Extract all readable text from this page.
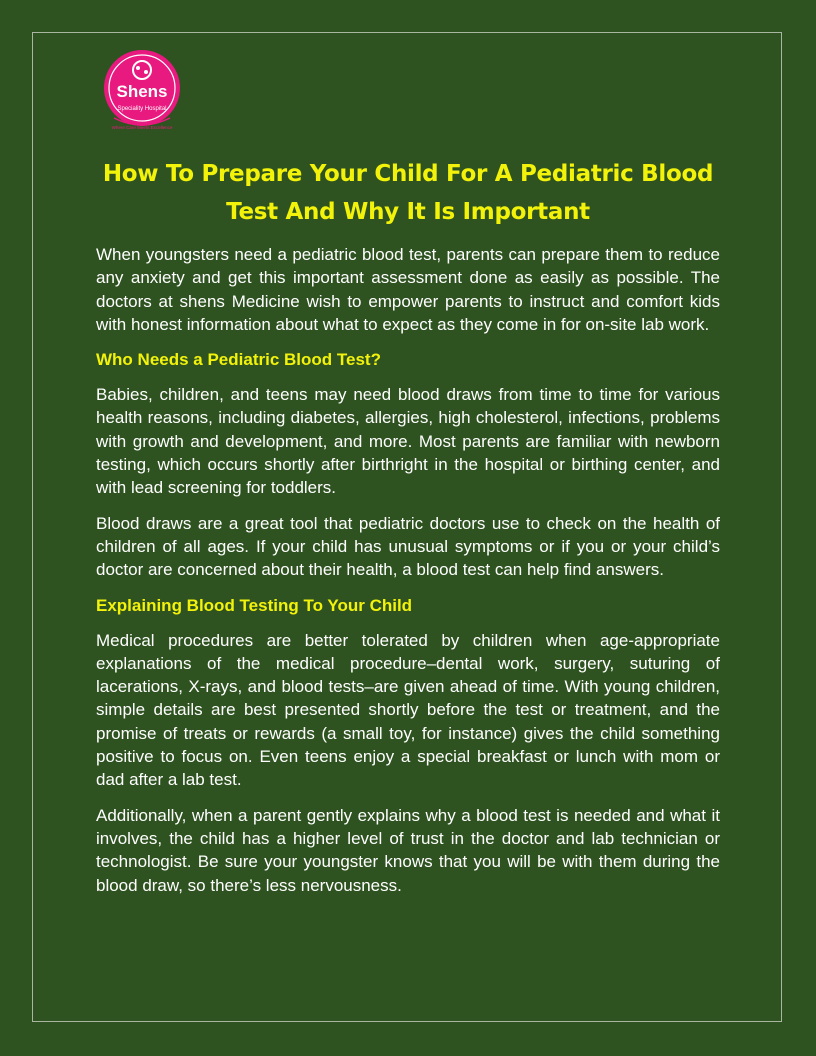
Shens
Speciality Hospital
Where Care Meets Excellence
How To Prepare Your Child For A Pediatric Blood Test And Why It Is Important

When youngsters need a pediatric blood test, parents can prepare them to reduce any anxiety and get this important assessment done as easily as possible. The doctors at shens Medicine wish to empower parents to instruct and comfort kids with honest information about what to expect as they come in for on-site lab work.

Who Needs a Pediatric Blood Test?

Babies, children, and teens may need blood draws from time to time for various health reasons, including diabetes, allergies, high cholesterol, infections, problems with growth and development, and more. Most parents are familiar with newborn testing, which occurs shortly after birthright in the hospital or birthing center, and with lead screening for toddlers.

Blood draws are a great tool that pediatric doctors use to check on the health of children of all ages. If your child has unusual symptoms or if you or your child’s doctor are concerned about their health, a blood test can help find answers.

Explaining Blood Testing To Your Child

Medical procedures are better tolerated by children when age-appropriate explanations of the medical procedure–dental work, surgery, suturing of lacerations, X-rays, and blood tests–are given ahead of time. With young children, simple details are best presented shortly before the test or treatment, and the promise of treats or rewards (a small toy, for instance) gives the child something positive to focus on. Even teens enjoy a special breakfast or lunch with mom or dad after a lab test.

Additionally, when a parent gently explains why a blood test is needed and what it involves, the child has a higher level of trust in the doctor and lab technician or technologist. Be sure your youngster knows that you will be with them during the blood draw, so there’s less nervousness.
